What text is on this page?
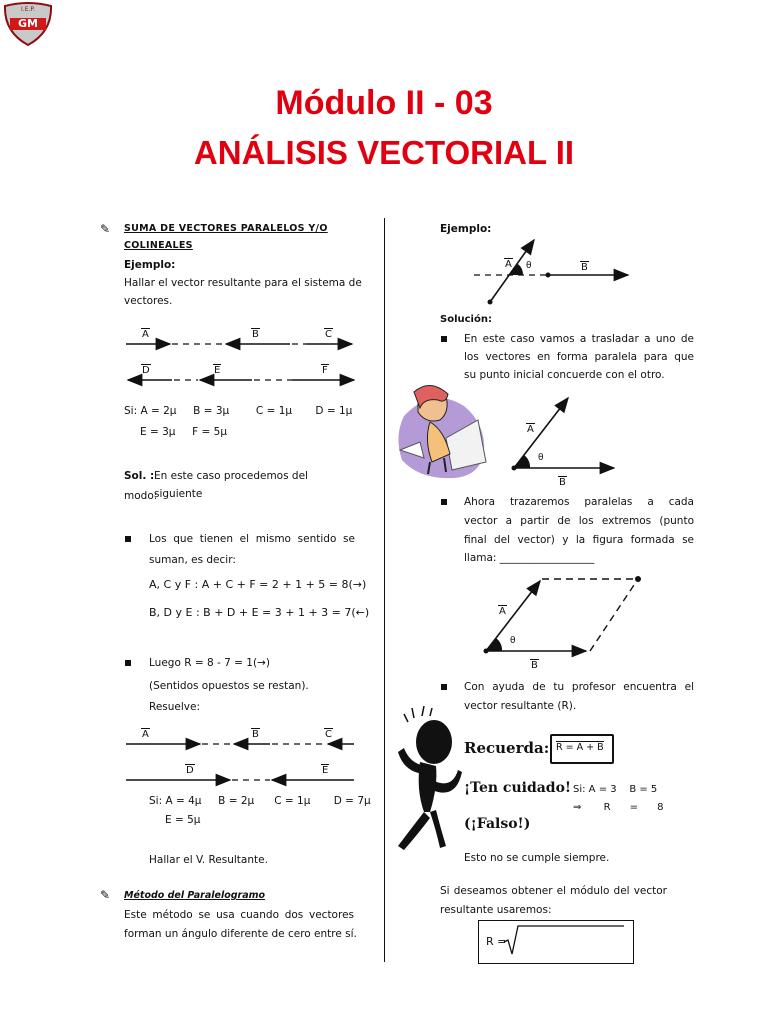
I.E.P.
GM
Módulo II - 03
ANÁLISIS VECTORIAL II
✎ SUMA DE VECTORES PARALELOS Y/O
COLINEALES
Ejemplo:
Hallar el vector resultante para el sistema de
vectores.
A	B	C
D	E	F
Si: A = 2μ     B = 3μ        C = 1μ       D = 1μ
E = 3μ     F = 5μ
Sol. : En este caso procedemos del siguiente
modo:
Los que tienen el mismo sentido se
suman, es decir:
A, C y F : A + C + F = 2 + 1 + 5 = 8(→)
B, D y E : B + D + E = 3 + 1 + 3 = 7(←)
Luego R = 8 - 7 = 1(→)
(Sentidos opuestos se restan).
Resuelve:
A	B	C
D	E
Si: A = 4μ     B = 2μ      C = 1μ       D = 7μ
E = 5μ
Hallar el V. Resultante.
✎ Método del Paralelogramo
Este método se usa cuando dos vectores
forman un ángulo diferente de cero entre sí.
Ejemplo:
A θ	B
Solución:
En este caso vamos a trasladar a uno de
los vectores en forma paralela para que
su punto inicial concuerde con el otro.
A
θ
B
Ahora trazaremos paralelas a cada
vector a partir de los extremos (punto
final del vector) y la figura formada se
llama: __________________
A
θ
B
Con ayuda de tu profesor encuentra el
vector resultante (R).
Recuerda: R = A + B
¡Ten cuidado! Si: A = 3    B = 5
⇒       R      =      8
(¡Falso!)
Esto no se cumple siempre.
Si deseamos obtener el módulo del vector
resultante usaremos:
R =
